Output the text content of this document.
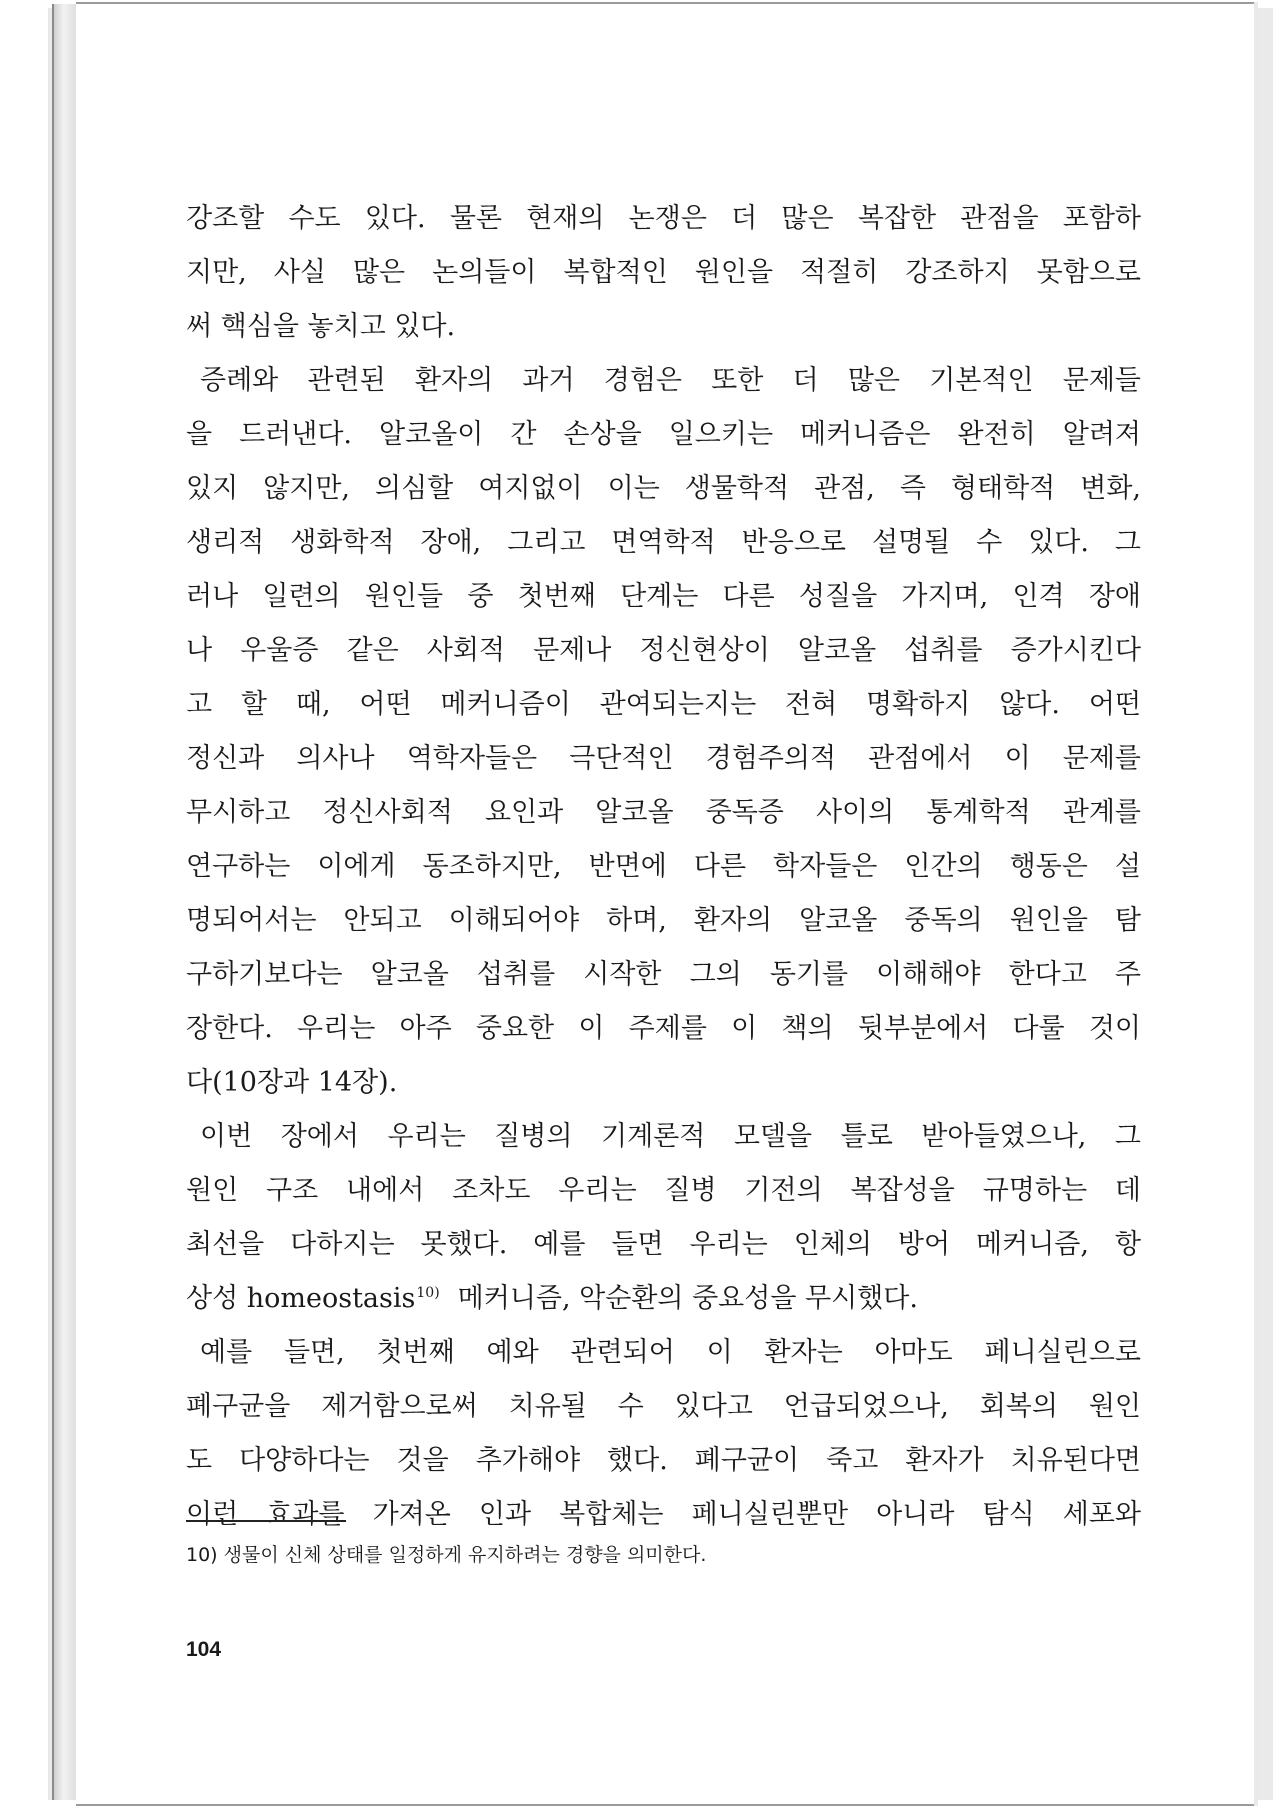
강조할 수도 있다. 물론 현재의 논쟁은 더 많은 복잡한 관점을 포함하
지만, 사실 많은 논의들이 복합적인 원인을 적절히 강조하지 못함으로
써 핵심을 놓치고 있다.
증례와 관련된 환자의 과거 경험은 또한 더 많은 기본적인 문제들
을 드러낸다. 알코올이 간 손상을 일으키는 메커니즘은 완전히 알려져
있지 않지만, 의심할 여지없이 이는 생물학적 관점, 즉 형태학적 변화,
생리적 생화학적 장애, 그리고 면역학적 반응으로 설명될 수 있다. 그
러나 일련의 원인들 중 첫번째 단계는 다른 성질을 가지며, 인격 장애
나 우울증 같은 사회적 문제나 정신현상이 알코올 섭취를 증가시킨다
고 할 때, 어떤 메커니즘이 관여되는지는 전혀 명확하지 않다. 어떤
정신과 의사나 역학자들은 극단적인 경험주의적 관점에서 이 문제를
무시하고 정신사회적 요인과 알코올 중독증 사이의 통계학적 관계를
연구하는 이에게 동조하지만, 반면에 다른 학자들은 인간의 행동은 설
명되어서는 안되고 이해되어야 하며, 환자의 알코올 중독의 원인을 탐
구하기보다는 알코올 섭취를 시작한 그의 동기를 이해해야 한다고 주
장한다. 우리는 아주 중요한 이 주제를 이 책의 뒷부분에서 다룰 것이
다(10장과 14장).
이번 장에서 우리는 질병의 기계론적 모델을 틀로 받아들였으나, 그
원인 구조 내에서 조차도 우리는 질병 기전의 복잡성을 규명하는 데
최선을 다하지는 못했다. 예를 들면 우리는 인체의 방어 메커니즘, 항
상성 homeostasis$^{10)}$ 메커니즘, 악순환의 중요성을 무시했다.
예를 들면, 첫번째 예와 관련되어 이 환자는 아마도 페니실린으로
폐구균을 제거함으로써 치유될 수 있다고 언급되었으나, 회복의 원인
도 다양하다는 것을 추가해야 했다. 폐구균이 죽고 환자가 치유된다면
이런 효과를 가져온 인과 복합체는 페니실린뿐만 아니라 탐식 세포와
10) 생물이 신체 상태를 일정하게 유지하려는 경향을 의미한다.
104
